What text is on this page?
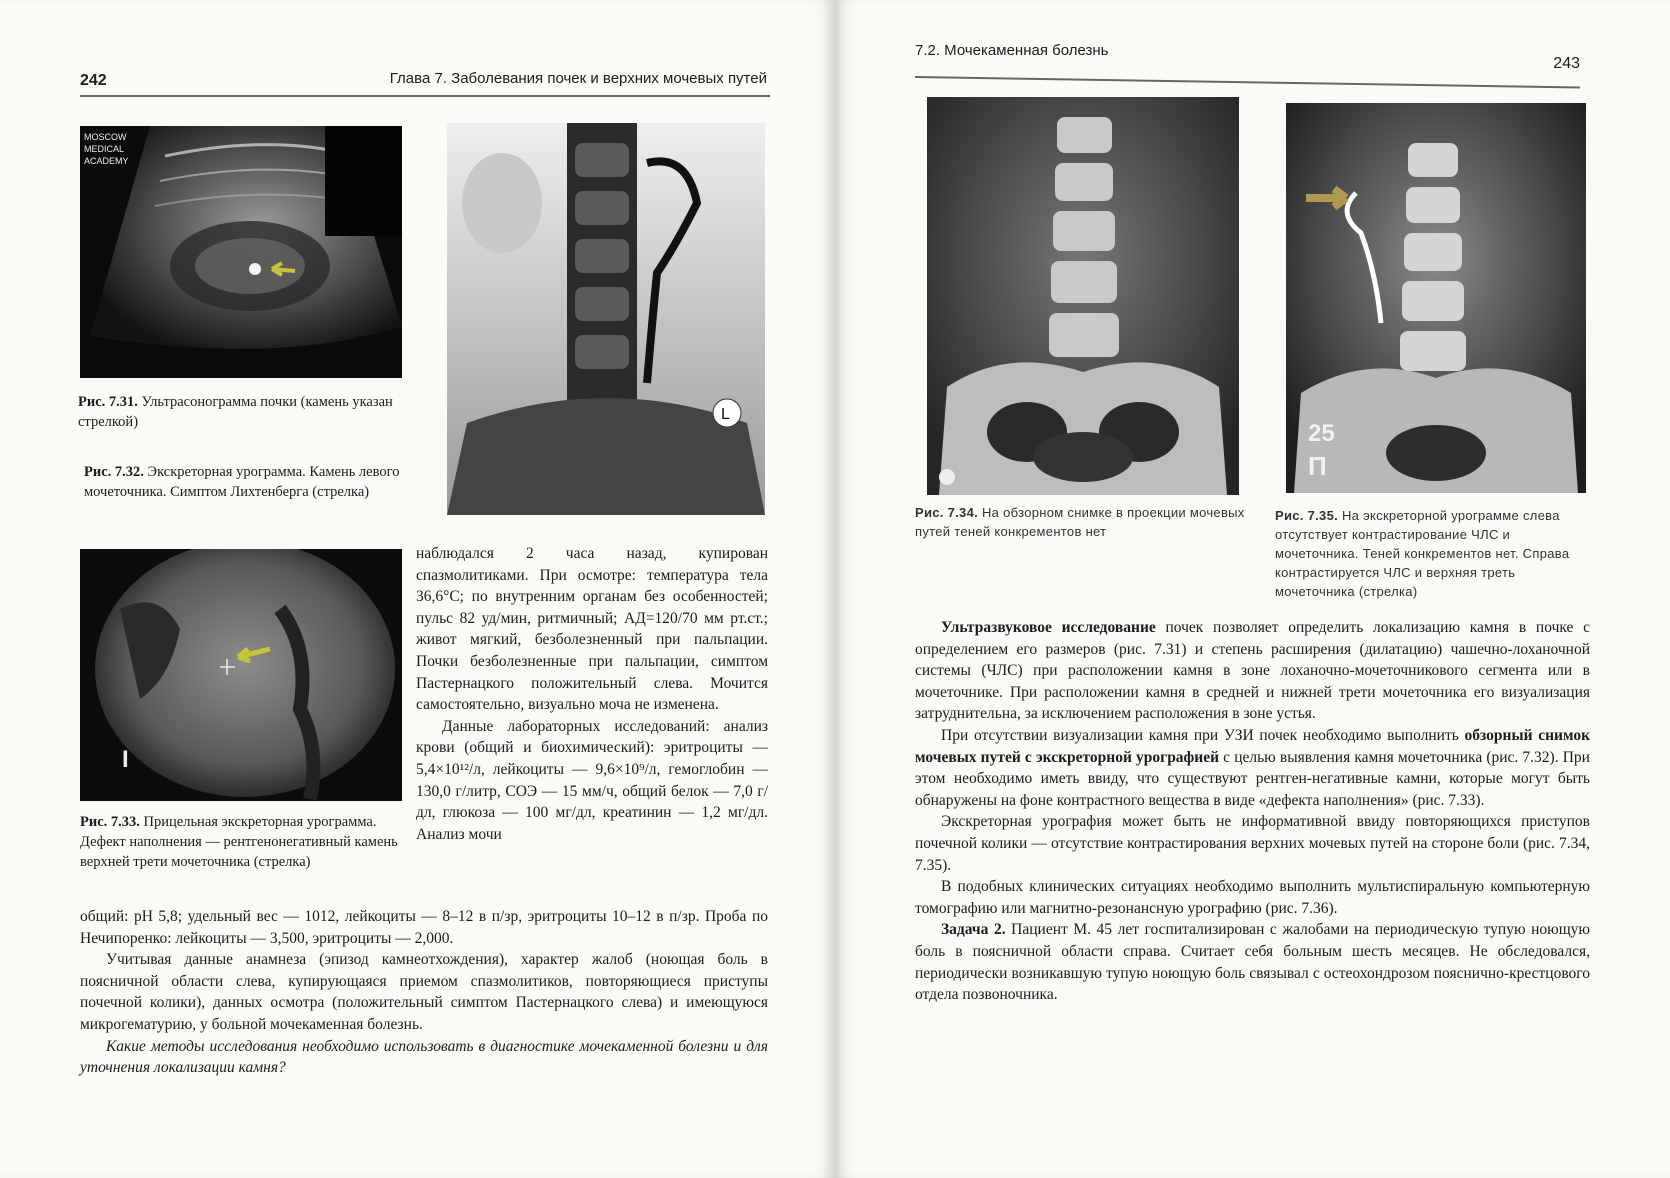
242	Глава 7. Заболевания почек и верхних мочевых путей
MOSCOW
MEDICAL
ACADEMY
Рис. 7.31. Ультрасонограмма почки (камень указан стрелкой)	L
Рис. 7.32. Экскреторная урограмма. Камень левого мочеточника. Симптом Лихтенберга (стрелка)
I
Рис. 7.33. Прицельная экскреторная урограмма. Дефект наполнения — рентгенонегативный камень верхней трети мочеточника (стрелка)

наблюдался 2 часа назад, купирован спазмолитиками. При осмотре: температура тела 36,6°С; по внутренним органам без особенностей; пульс 82 уд/мин, ритмичный; АД=120/70 мм рт.ст.; живот мягкий, безболезненный при пальпации. Почки безболезненные при пальпации, симптом Пастернацкого положительный слева. Мочится самостоятельно, визуально моча не изменена.

Данные лабораторных исследований: анализ крови (общий и биохимический): эритроциты — 5,4×10¹²/л, лейкоциты — 9,6×10⁹/л, гемоглобин — 130,0 г/литр, СОЭ — 15 мм/ч, общий белок — 7,0 г/дл, глюкоза — 100 мг/дл, креатинин — 1,2 мг/дл. Анализ мочи

общий: pH 5,8; удельный вес — 1012, лейкоциты — 8–12 в п/зр, эритроциты 10–12 в п/зр. Проба по Нечипоренко: лейкоциты — 3,500, эритроциты — 2,000.

Учитывая данные анамнеза (эпизод камнеотхождения), характер жалоб (ноющая боль в поясничной области слева, купирующаяся приемом спазмолитиков, повторяющиеся приступы почечной колики), данных осмотра (положительный симптом Пастернацкого слева) и имеющуюся микрогематурию, у больной мочекаменная болезнь.

Какие методы исследования необходимо использовать в диагностике мочекаменной болезни и для уточнения локализации камня?

7.2. Мочекаменная болезнь
243
Рис. 7.34. На обзорном снимке в проекции мочевых путей теней конкрементов нет
25
П
Рис. 7.35. На экскреторной урограмме слева отсутствует контрастирование ЧЛС и мочеточника. Теней конкрементов нет. Справа контрастируется ЧЛС и верхняя треть мочеточника (стрелка)

Ультразвуковое исследование почек позволяет определить локализацию камня в почке с определением его размеров (рис. 7.31) и степень расширения (дилатацию) чашечно-лоханочной системы (ЧЛС) при расположении камня в зоне лоханочно-мочеточникового сегмента или в мочеточнике. При расположении камня в средней и нижней трети мочеточника его визуализация затруднительна, за исключением расположения в зоне устья.

При отсутствии визуализации камня при УЗИ почек необходимо выполнить обзорный снимок мочевых путей с экскреторной урографией с целью выявления камня мочеточника (рис. 7.32). При этом необходимо иметь ввиду, что существуют рентген-негативные камни, которые могут быть обнаружены на фоне контрастного вещества в виде «дефекта наполнения» (рис. 7.33).

Экскреторная урография может быть не информативной ввиду повторяющихся приступов почечной колики — отсутствие контрастирования верхних мочевых путей на стороне боли (рис. 7.34, 7.35).

В подобных клинических ситуациях необходимо выполнить мультиспиральную компьютерную томографию или магнитно-резонансную урографию (рис. 7.36).

Задача 2. Пациент М. 45 лет госпитализирован с жалобами на периодическую тупую ноющую боль в поясничной области справа. Считает себя больным шесть месяцев. Не обследовался, периодически возникавшую тупую ноющую боль связывал с остеохондрозом пояснично-крестцового отдела позвоночника.
